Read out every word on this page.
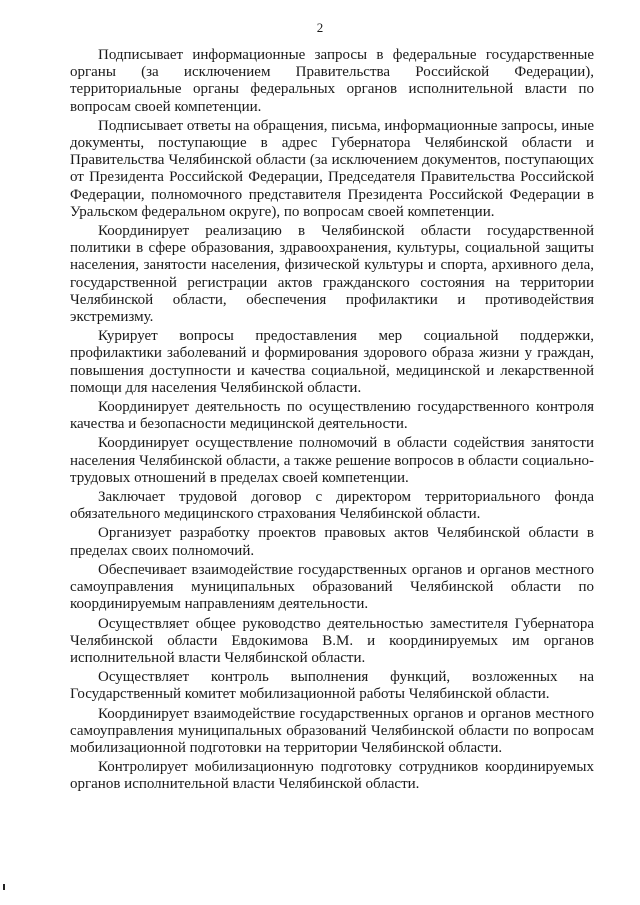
2

Подписывает информационные запросы в федеральные государственные органы (за исключением Правительства Российской Федерации), территориальные органы федеральных органов исполнительной власти по вопросам своей компетенции.

Подписывает ответы на обращения, письма, информационные запросы, иные документы, поступающие в адрес Губернатора Челябинской области и Правительства Челябинской области (за исключением документов, поступающих от Президента Российской Федерации, Председателя Правительства Российской Федерации, полномочного представителя Президента Российской Федерации в Уральском федеральном округе), по вопросам своей компетенции.

Координирует реализацию в Челябинской области государственной политики в сфере образования, здравоохранения, культуры, социальной защиты населения, занятости населения, физической культуры и спорта, архивного дела, государственной регистрации актов гражданского состояния на территории Челябинской области, обеспечения профилактики и противодействия экстремизму.

Курирует вопросы предоставления мер социальной поддержки, профилактики заболеваний и формирования здорового образа жизни у граждан, повышения доступности и качества социальной, медицинской и лекарственной помощи для населения Челябинской области.

Координирует деятельность по осуществлению государственного контроля качества и безопасности медицинской деятельности.

Координирует осуществление полномочий в области содействия занятости населения Челябинской области, а также решение вопросов в области социально-трудовых отношений в пределах своей компетенции.

Заключает трудовой договор с директором территориального фонда обязательного медицинского страхования Челябинской области.

Организует разработку проектов правовых актов Челябинской области в пределах своих полномочий.

Обеспечивает взаимодействие государственных органов и органов местного самоуправления муниципальных образований Челябинской области по координируемым направлениям деятельности.

Осуществляет общее руководство деятельностью заместителя Губернатора Челябинской области Евдокимова В.М. и координируемых им органов исполнительной власти Челябинской области.

Осуществляет контроль выполнения функций, возложенных на Государственный комитет мобилизационной работы Челябинской области.

Координирует взаимодействие государственных органов и органов местного самоуправления муниципальных образований Челябинской области по вопросам мобилизационной подготовки на территории Челябинской области.

Контролирует мобилизационную подготовку сотрудников координируемых органов исполнительной власти Челябинской области.
